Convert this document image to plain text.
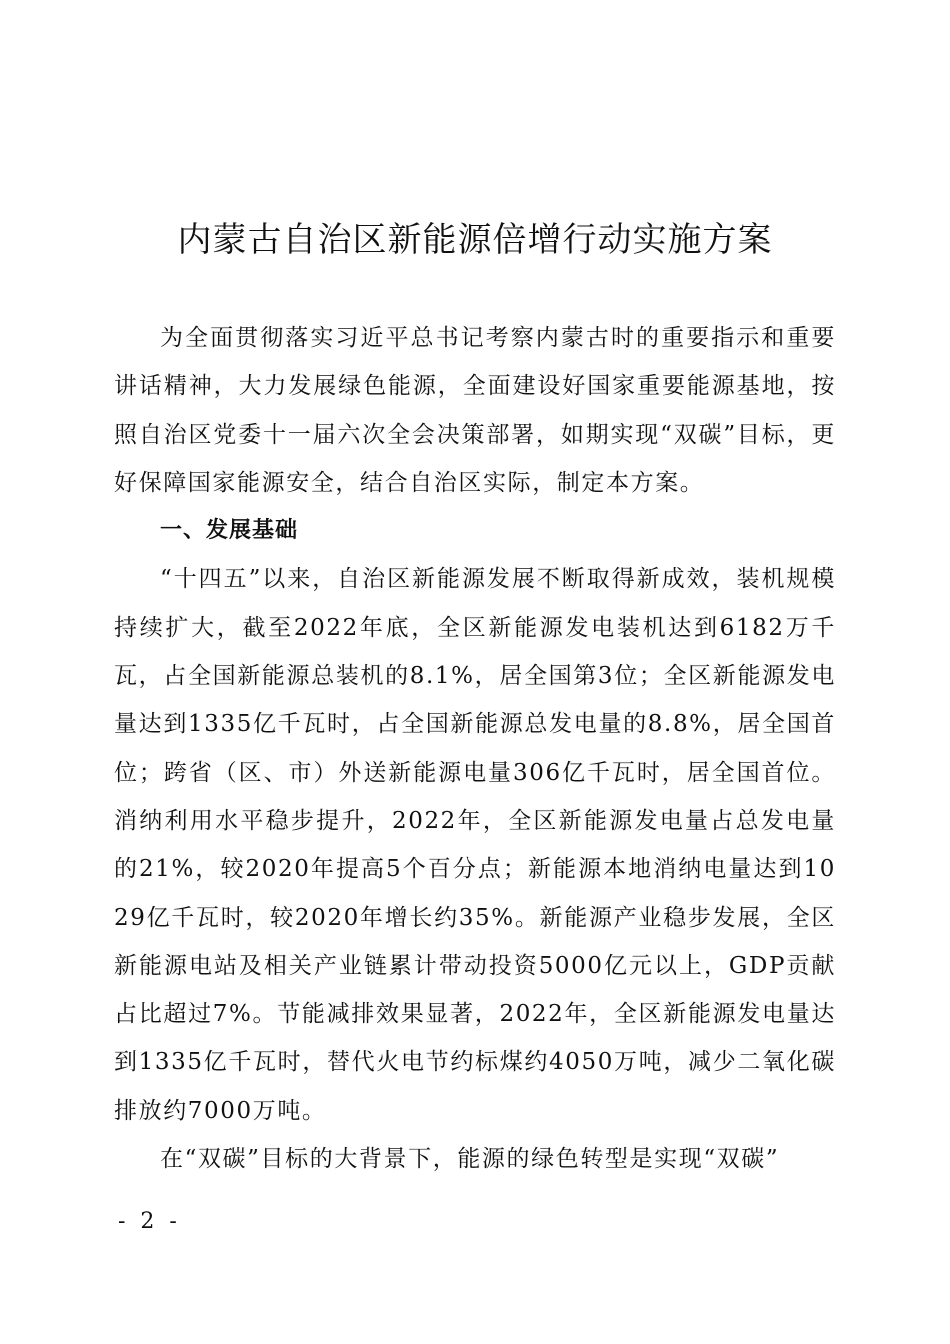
内蒙古自治区新能源倍增行动实施方案

为全面贯彻落实习近平总书记考察内蒙古时的重要指示和重要讲话精神，大力发展绿色能源，全面建设好国家重要能源基地，按照自治区党委十一届六次全会决策部署，如期实现“双碳”目标，更好保障国家能源安全，结合自治区实际，制定本方案。

一、发展基础

“十四五”以来，自治区新能源发展不断取得新成效，装机规模持续扩大，截至2022年底，全区新能源发电装机达到6182万千瓦，占全国新能源总装机的8.1%，居全国第3位；全区新能源发电量达到1335亿千瓦时，占全国新能源总发电量的8.8%，居全国首位；跨省（区、市）外送新能源电量306亿千瓦时，居全国首位。消纳利用水平稳步提升，2022年，全区新能源发电量占总发电量的21%，较2020年提高5个百分点；新能源本地消纳电量达到1029亿千瓦时，较2020年增长约35%。新能源产业稳步发展，全区新能源电站及相关产业链累计带动投资5000亿元以上，GDP贡献占比超过7%。节能减排效果显著，2022年，全区新能源发电量达到1335亿千瓦时，替代火电节约标煤约4050万吨，减少二氧化碳排放约7000万吨。

在“双碳”目标的大背景下，能源的绿色转型是实现“双碳”

- 2 -
